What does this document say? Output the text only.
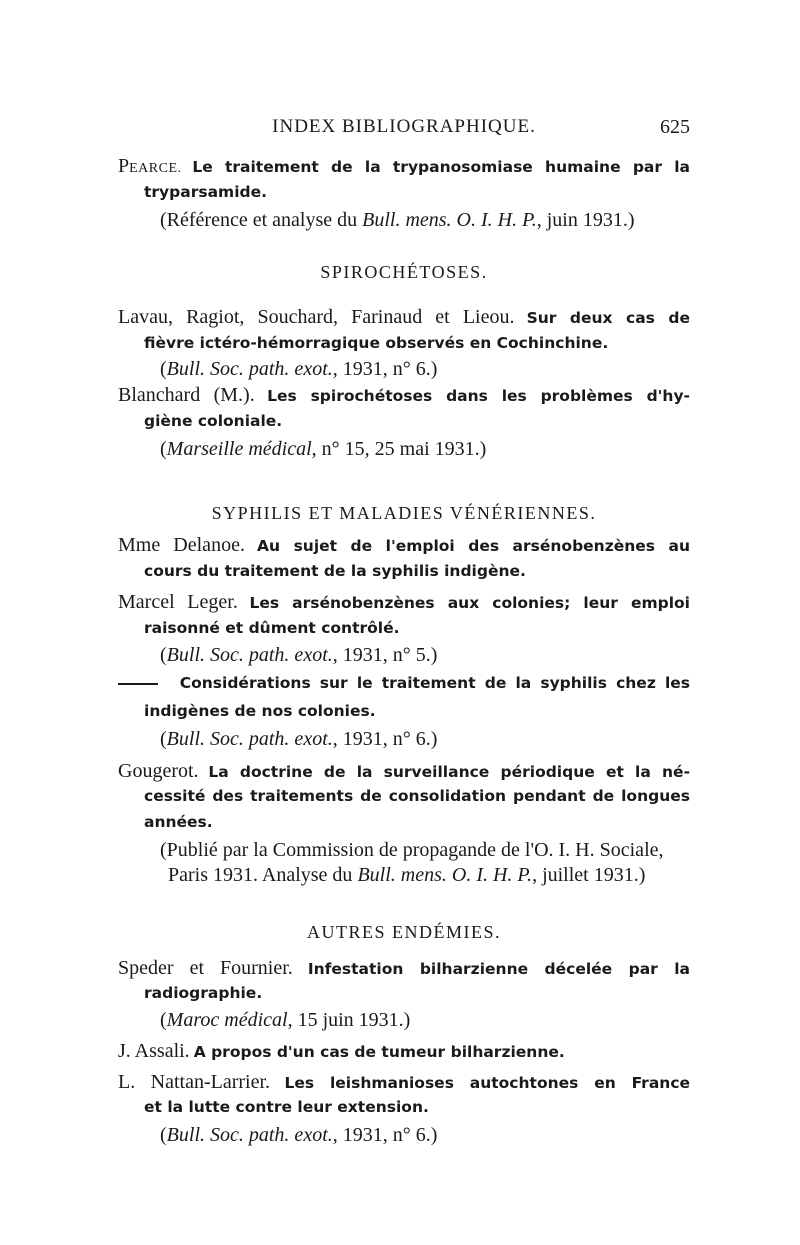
INDEX BIBLIOGRAPHIQUE.	625
PEARCE. Le traitement de la trypanosomiase humaine par la
tryparsamide.
(Référence et analyse du Bull. mens. O. I. H. P., juin 1931.)
SPIROCHÉTOSES.
Lavau, Ragiot, Souchard, Farinaud et Lieou. Sur deux cas de
fièvre ictéro-hémorragique observés en Cochinchine.
(Bull. Soc. path. exot., 1931, n° 6.)
Blanchard (M.). Les spirochétoses dans les problèmes d'hy-
giène coloniale.
(Marseille médical, n° 15, 25 mai 1931.)
SYPHILIS ET MALADIES VÉNÉRIENNES.
Mme Delanoe. Au sujet de l'emploi des arsénobenzènes au
cours du traitement de la syphilis indigène.
Marcel Leger. Les arsénobenzènes aux colonies; leur emploi
raisonné et dûment contrôlé.
(Bull. Soc. path. exot., 1931, n° 5.)
Considérations sur le traitement de la syphilis chez les
indigènes de nos colonies.
(Bull. Soc. path. exot., 1931, n° 6.)
Gougerot. La doctrine de la surveillance périodique et la né-
cessité des traitements de consolidation pendant de longues
années.
(Publié par la Commission de propagande de l'O. I. H. Sociale,
Paris 1931. Analyse du Bull. mens. O. I. H. P., juillet 1931.)
AUTRES ENDÉMIES.
Speder et Fournier. Infestation bilharzienne décelée par la
radiographie.
(Maroc médical, 15 juin 1931.)
J. Assali. A propos d'un cas de tumeur bilharzienne.
L. Nattan-Larrier. Les leishmanioses autochtones en France
et la lutte contre leur extension.
(Bull. Soc. path. exot., 1931, n° 6.)
